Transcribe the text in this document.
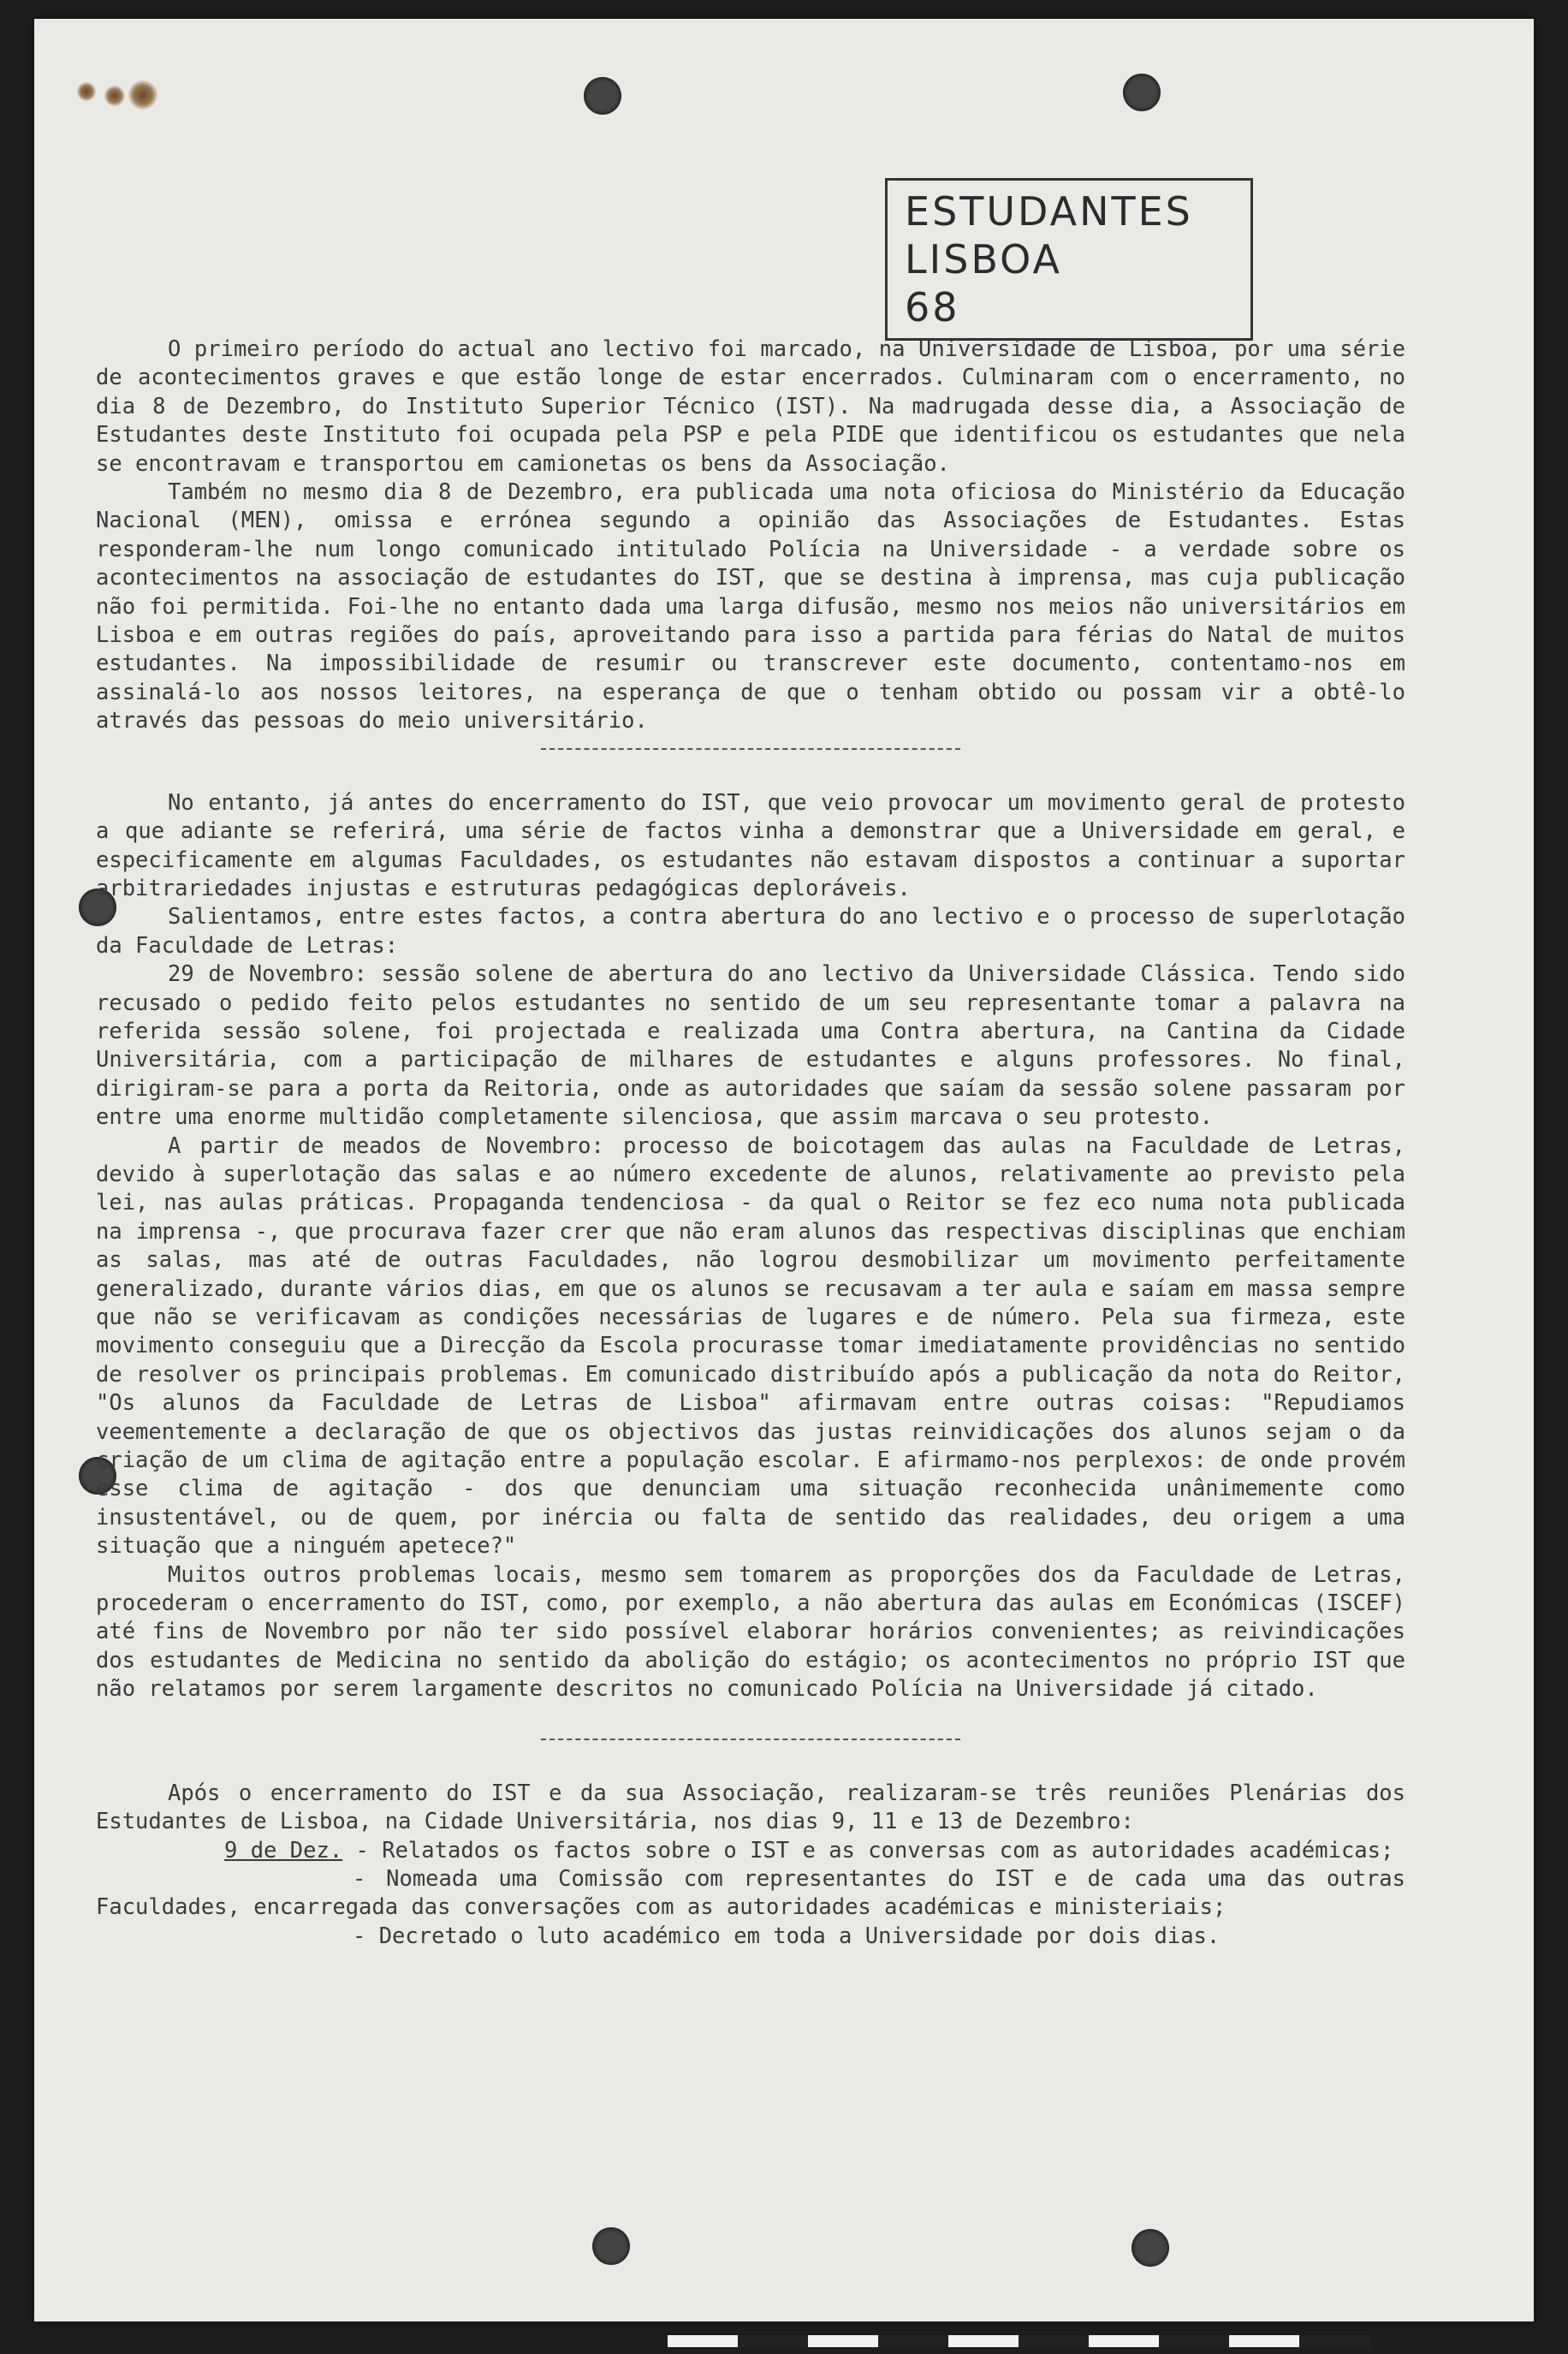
ESTUDANTES
LISBOA
68

O primeiro período do actual ano lectivo foi marcado, na Universidade de Lisboa, por uma série de acontecimentos graves e que estão longe de estar encerrados. Culminaram com o encerramento, no dia 8 de Dezembro, do Instituto Superior Técnico (IST). Na madrugada desse dia, a Associação de Estudantes deste Instituto foi ocupada pela PSP e pela PIDE que identificou os estudantes que nela se encontravam e transportou em camionetas os bens da Associação.

Também no mesmo dia 8 de Dezembro, era publicada uma nota oficiosa do Ministério da Educação Nacional (MEN), omissa e errónea segundo a opinião das Associações de Estudantes. Estas responderam-lhe num longo comunicado intitulado Polícia na Universidade - a verdade sobre os acontecimentos na associação de estudantes do IST, que se destina à imprensa, mas cuja publicação não foi permitida. Foi-lhe no entanto dada uma larga difusão, mesmo nos meios não universitários em Lisboa e em outras regiões do país, aproveitando para isso a partida para férias do Natal de muitos estudantes. Na impossibilidade de resumir ou transcrever este documento, contentamo-nos em assinalá-lo aos nossos leitores, na esperança de que o tenham obtido ou possam vir a obtê-lo através das pessoas do meio universitário.

No entanto, já antes do encerramento do IST, que veio provocar um movimento geral de protesto a que adiante se referirá, uma série de factos vinha a demonstrar que a Universidade em geral, e especificamente em algumas Faculdades, os estudantes não estavam dispostos a continuar a suportar arbitrariedades injustas e estruturas pedagógicas deploráveis.

Salientamos, entre estes factos, a contra abertura do ano lectivo e o processo de superlotação da Faculdade de Letras:

29 de Novembro: sessão solene de abertura do ano lectivo da Universidade Clássica. Tendo sido recusado o pedido feito pelos estudantes no sentido de um seu representante tomar a palavra na referida sessão solene, foi projectada e realizada uma Contra abertura, na Cantina da Cidade Universitária, com a participação de milhares de estudantes e alguns professores. No final, dirigiram-se para a porta da Reitoria, onde as autoridades que saíam da sessão solene passaram por entre uma enorme multidão completamente silenciosa, que assim marcava o seu protesto.

A partir de meados de Novembro: processo de boicotagem das aulas na Faculdade de Letras, devido à superlotação das salas e ao número excedente de alunos, relativamente ao previsto pela lei, nas aulas práticas. Propaganda tendenciosa - da qual o Reitor se fez eco numa nota publicada na imprensa -, que procurava fazer crer que não eram alunos das respectivas disciplinas que enchiam as salas, mas até de outras Faculdades, não logrou desmobilizar um movimento perfeitamente generalizado, durante vários dias, em que os alunos se recusavam a ter aula e saíam em massa sempre que não se verificavam as condições necessárias de lugares e de número. Pela sua firmeza, este movimento conseguiu que a Direcção da Escola procurasse tomar imediatamente providências no sentido de resolver os principais problemas. Em comunicado distribuído após a publicação da nota do Reitor, "Os alunos da Faculdade de Letras de Lisboa" afirmavam entre outras coisas: "Repudiamos veementemente a declaração de que os objectivos das justas reinvidicações dos alunos sejam o da criação de um clima de agitação entre a população escolar. E afirmamo-nos perplexos: de onde provém esse clima de agitação - dos que denunciam uma situação reconhecida unânimemente como insustentável, ou de quem, por inércia ou falta de sentido das realidades, deu origem a uma situação que a ninguém apetece?"

Muitos outros problemas locais, mesmo sem tomarem as proporções dos da Faculdade de Letras, procederam o encerramento do IST, como, por exemplo, a não abertura das aulas em Económicas (ISCEF) até fins de Novembro por não ter sido possível elaborar horários convenientes; as reivindicações dos estudantes de Medicina no sentido da abolição do estágio; os acontecimentos no próprio IST que não relatamos por serem largamente descritos no comunicado Polícia na Universidade já citado.

Após o encerramento do IST e da sua Associação, realizaram-se três reuniões Plenárias dos Estudantes de Lisboa, na Cidade Universitária, nos dias 9, 11 e 13 de Dezembro:

9 de Dez. - Relatados os factos sobre o IST e as conversas com as autoridades académicas;

- Nomeada uma Comissão com representantes do IST e de cada uma das outras Faculdades, encarregada das conversações com as autoridades académicas e ministeriais;

- Decretado o luto académico em toda a Universidade por dois dias.
